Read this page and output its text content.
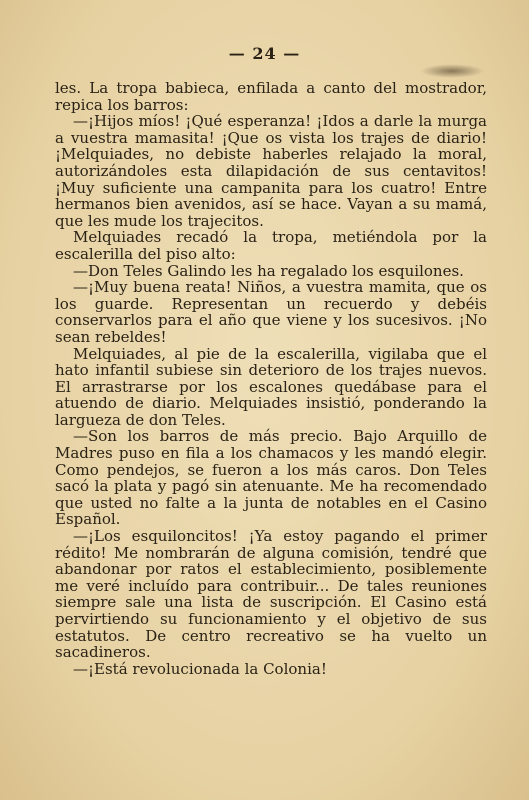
— 24 —

les. La tropa babieca, enfilada a canto del mostrador, repica los barros:

—¡Hijos míos! ¡Qué esperanza! ¡Idos a darle la murga a vuestra mamasita! ¡Que os vista los trajes de diario! ¡Melquiades, no debiste haberles relajado la moral, autorizándoles esta dilapidación de sus centavitos! ¡Muy suficiente una campanita para los cuatro! Entre hermanos bien avenidos, así se hace. Vayan a su mamá, que les mude los trajecitos.

Melquiades recadó la tropa, metiéndola por la escalerilla del piso alto:

—Don Teles Galindo les ha regalado los esquilones.

—¡Muy buena reata! Niños, a vuestra mamita, que os los guarde. Representan un recuerdo y debéis conservarlos para el año que viene y los sucesivos. ¡No sean rebeldes!

Melquiades, al pie de la escalerilla, vigilaba que el hato infantil subiese sin deterioro de los trajes nuevos. El arrastrarse por los escalones quedábase para el atuendo de diario. Melquiades insistió, ponderando la largueza de don Teles.

—Son los barros de más precio. Bajo Arquillo de Madres puso en fila a los chamacos y les mandó elegir. Como pendejos, se fueron a los más caros. Don Teles sacó la plata y pagó sin atenuante. Me ha recomendado que usted no falte a la junta de notables en el Casino Español.

—¡Los esquiloncitos! ¡Ya estoy pagando el primer rédito! Me nombrarán de alguna comisión, tendré que abandonar por ratos el establecimiento, posiblemente me veré incluído para contribuir... De tales reuniones siempre sale una lista de suscripción. El Casino está pervirtiendo su funcionamiento y el objetivo de sus estatutos. De centro recreativo se ha vuelto un sacadineros.

—¡Está revolucionada la Colonia!
